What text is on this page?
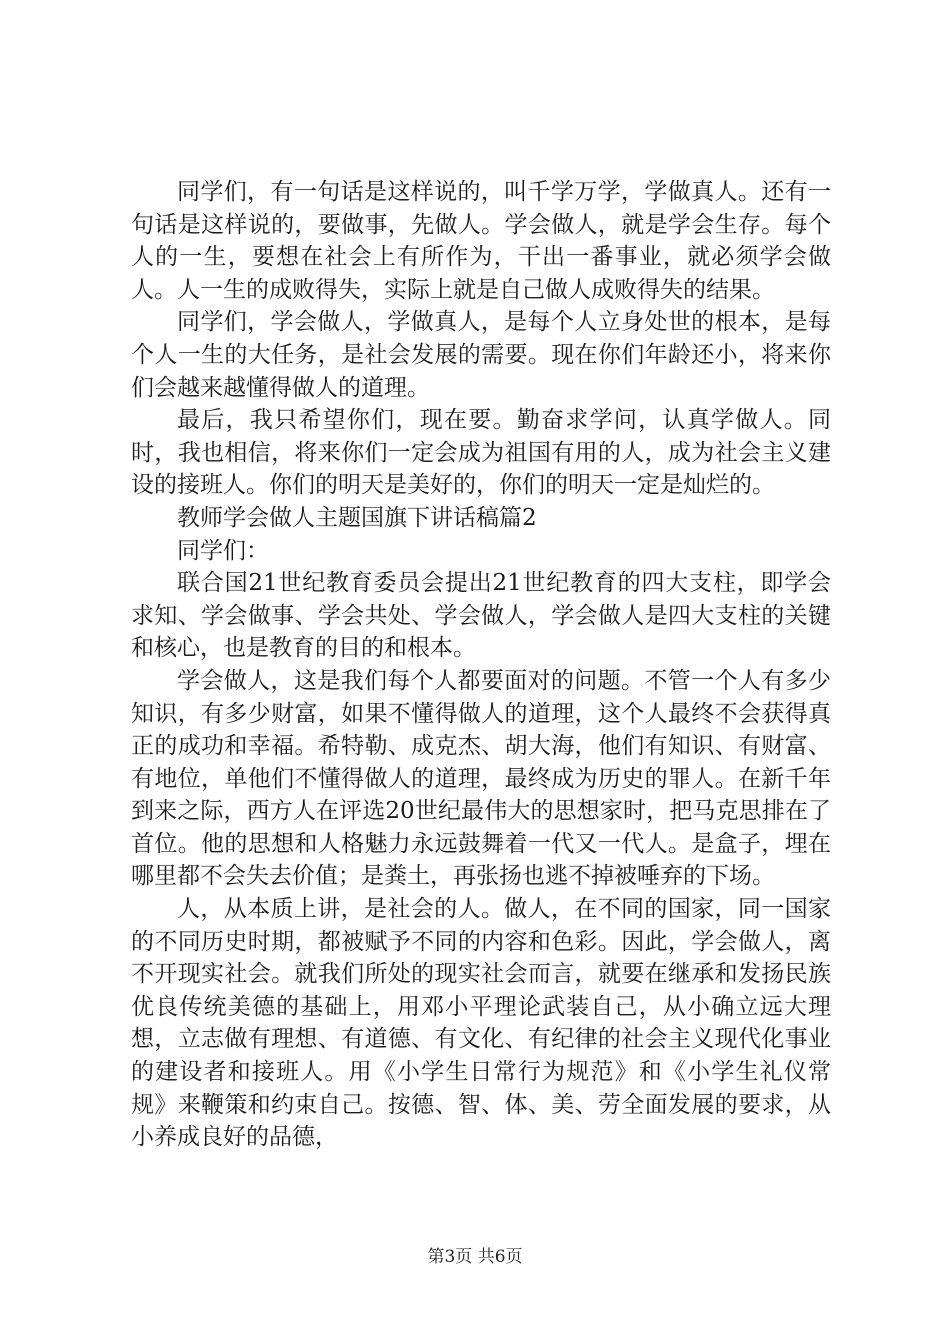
同学们，有一句话是这样说的，叫千学万学，学做真人。还有一句话是这样说的，要做事，先做人。学会做人，就是学会生存。每个人的一生，要想在社会上有所作为，干出一番事业，就必须学会做人。人一生的成败得失，实际上就是自己做人成败得失的结果。

同学们，学会做人，学做真人，是每个人立身处世的根本，是每个人一生的大任务，是社会发展的需要。现在你们年龄还小，将来你们会越来越懂得做人的道理。

最后，我只希望你们，现在要。勤奋求学问，认真学做人。同时，我也相信，将来你们一定会成为祖国有用的人，成为社会主义建设的接班人。你们的明天是美好的，你们的明天一定是灿烂的。

教师学会做人主题国旗下讲话稿篇2

同学们：

联合国21世纪教育委员会提出21世纪教育的四大支柱，即学会求知、学会做事、学会共处、学会做人，学会做人是四大支柱的关键和核心，也是教育的目的和根本。

学会做人，这是我们每个人都要面对的问题。不管一个人有多少知识，有多少财富，如果不懂得做人的道理，这个人最终不会获得真正的成功和幸福。希特勒、成克杰、胡大海，他们有知识、有财富、有地位，单他们不懂得做人的道理，最终成为历史的罪人。在新千年到来之际，西方人在评选20世纪最伟大的思想家时，把马克思排在了首位。他的思想和人格魅力永远鼓舞着一代又一代人。是盒子，埋在哪里都不会失去价值；是粪土，再张扬也逃不掉被唾弃的下场。

人，从本质上讲，是社会的人。做人，在不同的国家，同一国家的不同历史时期，都被赋予不同的内容和色彩。因此，学会做人，离不开现实社会。就我们所处的现实社会而言，就要在继承和发扬民族优良传统美德的基础上，用邓小平理论武装自己，从小确立远大理想，立志做有理想、有道德、有文化、有纪律的社会主义现代化事业的建设者和接班人。用《小学生日常行为规范》和《小学生礼仪常规》来鞭策和约束自己。按德、智、体、美、劳全面发展的要求，从小养成良好的品德，

第3页 共6页
